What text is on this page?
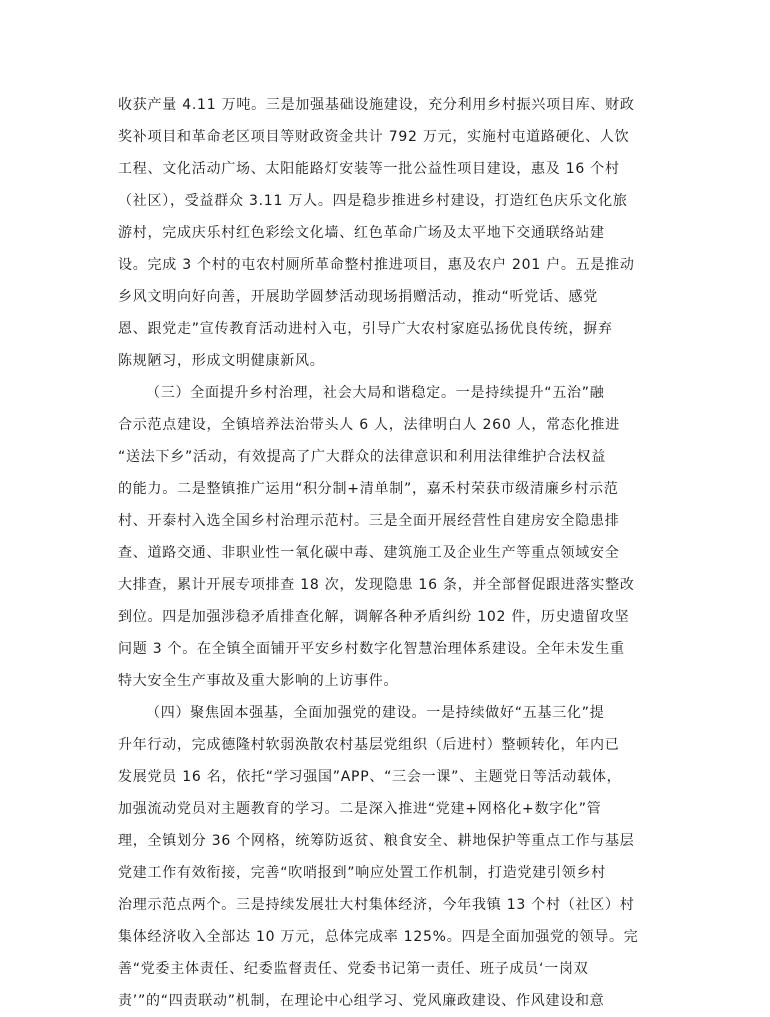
收获产量 4.11 万吨。三是加强基础设施建设，充分利用乡村振兴项目库、财政
奖补项目和革命老区项目等财政资金共计 792 万元，实施村屯道路硬化、人饮
工程、文化活动广场、太阳能路灯安装等一批公益性项目建设，惠及 16 个村
（社区），受益群众 3.11 万人。四是稳步推进乡村建设，打造红色庆乐文化旅
游村，完成庆乐村红色彩绘文化墙、红色革命广场及太平地下交通联络站建
设。完成 3 个村的屯农村厕所革命整村推进项目，惠及农户 201 户。五是推动
乡风文明向好向善，开展助学圆梦活动现场捐赠活动，推动“听党话、感党
恩、跟党走”宣传教育活动进村入屯，引导广大农村家庭弘扬优良传统，摒弃
陈规陋习，形成文明健康新风。
（三）全面提升乡村治理，社会大局和谐稳定。一是持续提升“五治”融
合示范点建设，全镇培养法治带头人 6 人，法律明白人 260 人，常态化推进
“送法下乡”活动，有效提高了广大群众的法律意识和利用法律维护合法权益
的能力。二是整镇推广运用“积分制+清单制”，嘉禾村荣获市级清廉乡村示范
村、开泰村入选全国乡村治理示范村。三是全面开展经营性自建房安全隐患排
查、道路交通、非职业性一氧化碳中毒、建筑施工及企业生产等重点领域安全
大排查，累计开展专项排查 18 次，发现隐患 16 条，并全部督促跟进落实整改
到位。四是加强涉稳矛盾排查化解，调解各种矛盾纠纷 102 件，历史遗留攻坚
问题 3 个。在全镇全面铺开平安乡村数字化智慧治理体系建设。全年未发生重
特大安全生产事故及重大影响的上访事件。
（四）聚焦固本强基，全面加强党的建设。一是持续做好“五基三化”提
升年行动，完成德隆村软弱涣散农村基层党组织（后进村）整顿转化，年内已
发展党员 16 名，依托“学习强国”APP、“三会一课”、主题党日等活动载体，
加强流动党员对主题教育的学习。二是深入推进“党建+网格化+数字化”管
理，全镇划分 36 个网格，统筹防返贫、粮食安全、耕地保护等重点工作与基层
党建工作有效衔接，完善“吹哨报到”响应处置工作机制，打造党建引领乡村
治理示范点两个。三是持续发展壮大村集体经济，今年我镇 13 个村（社区）村
集体经济收入全部达 10 万元，总体完成率 125%。四是全面加强党的领导。完
善“党委主体责任、纪委监督责任、党委书记第一责任、班子成员‘一岗双
责’”的“四责联动”机制，在理论中心组学习、党风廉政建设、作风建设和意
